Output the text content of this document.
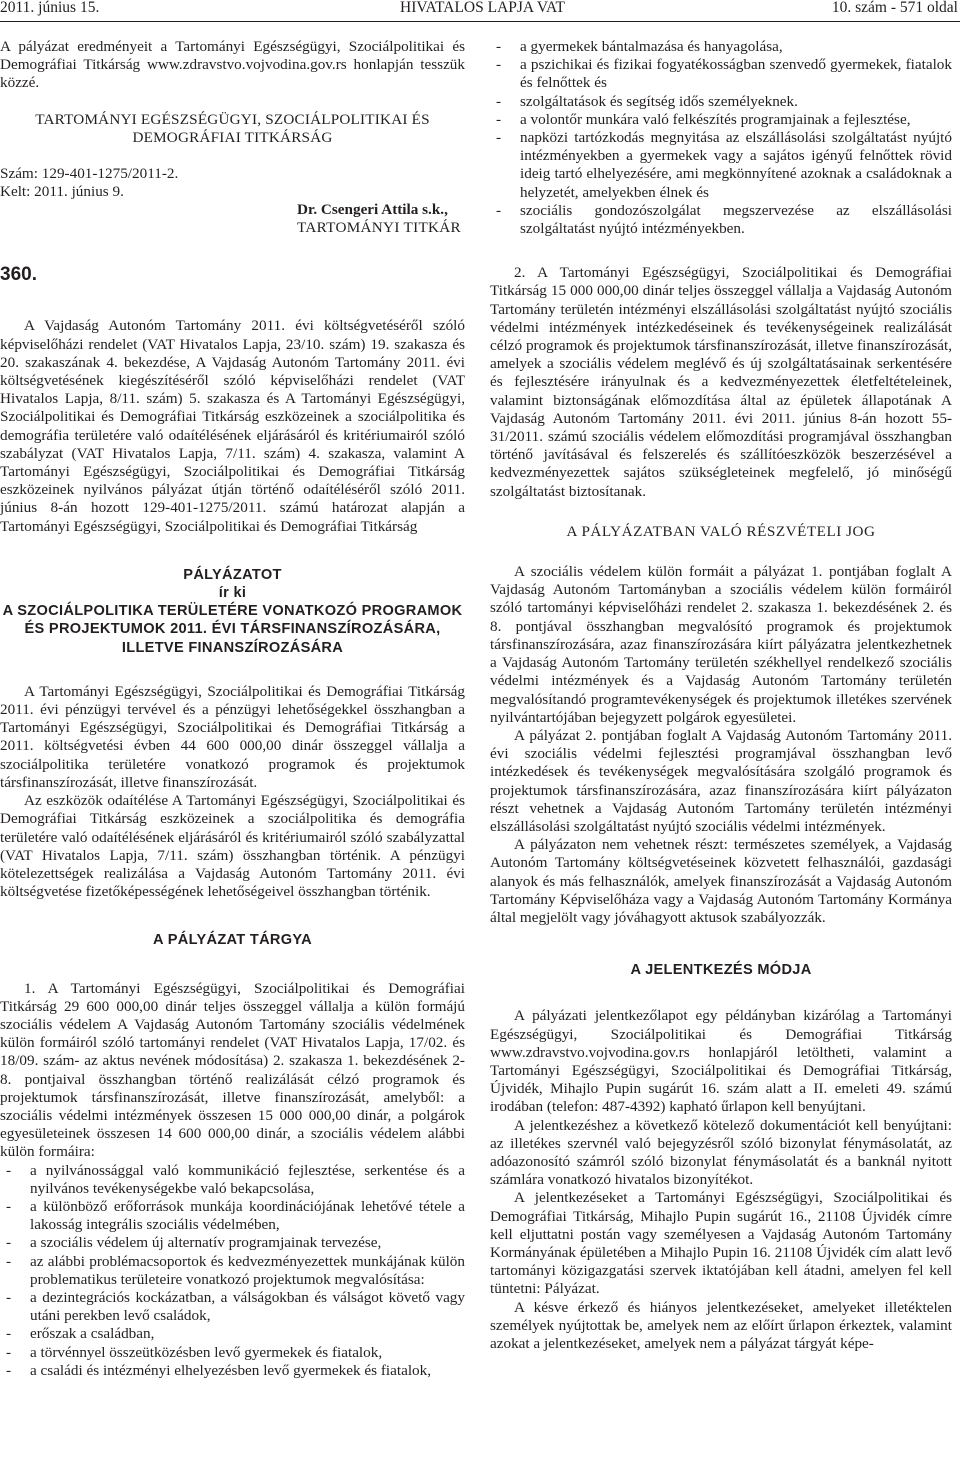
2011. június 15.	HIVATALOS LAPJA VAT	10. szám - 571 oldal

A pályázat eredményeit a Tartományi Egészségügyi, Szociálpolitikai és Demográfiai Titkárság www.zdravstvo.vojvodina.gov.rs honlapján tesszük közzé.

TARTOMÁNYI EGÉSZSÉGÜGYI, SZOCIÁLPOLITIKAI ÉS DEMOGRÁFIAI TITKÁRSÁG

Szám: 129-401-1275/2011-2.

Kelt: 2011. június 9.

Dr. Csengeri Attila s.k.,
TARTOMÁNYI TITKÁR
360.

A Vajdaság Autonóm Tartomány 2011. évi költségvetéséről szóló képviselőházi rendelet (VAT Hivatalos Lapja, 23/10. szám) 19. szakasza és 20. szakaszának 4. bekezdése, A Vajdaság Autonóm Tartomány 2011. évi költségvetésének kiegészítéséről szóló képviselőházi rendelet (VAT Hivatalos Lapja, 8/11. szám) 5. szakasza és A Tartományi Egészségügyi, Szociálpolitikai és Demográfiai Titkárság eszközeinek a szociálpolitika és demográfia területére való odaítélésének eljárásáról és kritériumairól szóló szabályzat (VAT Hivatalos Lapja, 7/11. szám) 4. szakasza, valamint A Tartományi Egészségügyi, Szociálpolitikai és Demográfiai Titkárság eszközeinek nyilvános pályázat útján történő odaítéléséről szóló 2011. június 8-án hozott 129-401-1275/2011. számú határozat alapján a Tartományi Egészségügyi, Szociálpolitikai és Demográfiai Titkárság

PÁLYÁZATOT

ír ki

A SZOCIÁLPOLITIKA TERÜLETÉRE VONATKOZÓ PROGRAMOK ÉS PROJEKTUMOK 2011. ÉVI TÁRSFINANSZÍROZÁSÁRA, ILLETVE FINANSZÍROZÁSÁRA

A Tartományi Egészségügyi, Szociálpolitikai és Demográfiai Titkárság 2011. évi pénzügyi tervével és a pénzügyi lehetőségekkel összhangban a Tartományi Egészségügyi, Szociálpolitikai és Demográfiai Titkárság a 2011. költségvetési évben 44 600 000,00 dinár összeggel vállalja a szociálpolitika területére vonatkozó programok és projektumok társfinanszírozását, illetve finanszírozását.

Az eszközök odaítélése A Tartományi Egészségügyi, Szociálpolitikai és Demográfiai Titkárság eszközeinek a szociálpolitika és demográfia területére való odaítélésének eljárásáról és kritériumairól szóló szabályzattal (VAT Hivatalos Lapja, 7/11. szám) összhangban történik. A pénzügyi kötelezettségek realizálása a Vajdaság Autonóm Tartomány 2011. évi költségvetése fizetőképességének lehetőségeivel összhangban történik.

A PÁLYÁZAT TÁRGYA

1. A Tartományi Egészségügyi, Szociálpolitikai és Demográfiai Titkárság 29 600 000,00 dinár teljes összeggel vállalja a külön formájú szociális védelem A Vajdaság Autonóm Tartomány szociális védelmének külön formáiról szóló tartományi rendelet (VAT Hivatalos Lapja, 17/02. és 18/09. szám- az aktus nevének módosítása) 2. szakasza 1. bekezdésének 2-8. pontjaival összhangban történő realizálását célzó programok és projektumok társfinanszírozását, illetve finanszírozását, amelyből: a szociális védelmi intézmények összesen 15 000 000,00 dinár, a polgárok egyesületeinek összesen 14 600 000,00 dinár, a szociális védelem alábbi külön formáira:

- a nyilvánossággal való kommunikáció fejlesztése, serkentése és a nyilvános tevékenységekbe való bekapcsolása,
- a különböző erőforrások munkája koordinációjának lehetővé tétele a lakosság integrális szociális védelmében,
- a szociális védelem új alternatív programjainak tervezése,
- az alábbi problémacsoportok és kedvezményezettek munkájának külön problematikus területeire vonatkozó projektumok megvalósítása:
- a dezintegrációs kockázatban, a válságokban és válságot követő vagy utáni perekben levő családok,
- erőszak a családban,
- a törvénnyel összeütközésben levő gyermekek és fiatalok,
- a családi és intézményi elhelyezésben levő gyermekek és fiatalok,
- a gyermekek bántalmazása és hanyagolása,
- a pszichikai és fizikai fogyatékosságban szenvedő gyermekek, fiatalok és felnőttek és
- szolgáltatások és segítség idős személyeknek.
- a volontőr munkára való felkészítés programjainak a fejlesztése,
- napközi tartózkodás megnyitása az elszállásolási szolgáltatást nyújtó intézményekben a gyermekek vagy a sajátos igényű felnőttek rövid ideig tartó elhelyezésére, ami megkönnyítené azoknak a családoknak a helyzetét, amelyekben élnek és
- szociális gondozószolgálat megszervezése az elszállásolási szolgáltatást nyújtó intézményekben.

2. A Tartományi Egészségügyi, Szociálpolitikai és Demográfiai Titkárság 15 000 000,00 dinár teljes összeggel vállalja a Vajdaság Autonóm Tartomány területén intézményi elszállásolási szolgáltatást nyújtó szociális védelmi intézmények intézkedéseinek és tevékenységeinek realizálását célzó programok és projektumok társfinanszírozását, illetve finanszírozását, amelyek a szociális védelem meglévő és új szolgáltatásainak serkentésére és fejlesztésére irányulnak és a kedvezményezettek életfeltételeinek, valamint biztonságának előmozdítása által az épületek állapotának A Vajdaság Autonóm Tartomány 2011. évi 2011. június 8-án hozott 55-31/2011. számú szociális védelem előmozdítási programjával összhangban történő javításával és felszerelés és szállítóeszközök beszerzésével a kedvezményezettek sajátos szükségleteinek megfelelő, jó minőségű szolgáltatást biztosítanak.

A PÁLYÁZATBAN VALÓ RÉSZVÉTELI JOG

A szociális védelem külön formáit a pályázat 1. pontjában foglalt A Vajdaság Autonóm Tartományban a szociális védelem külön formáiról szóló tartományi képviselőházi rendelet 2. szakasza 1. bekezdésének 2. és 8. pontjával összhangban megvalósító programok és projektumok társfinanszírozására, azaz finanszírozására kiírt pályázatra jelentkezhetnek a Vajdaság Autonóm Tartomány területén székhellyel rendelkező szociális védelmi intézmények és a Vajdaság Autonóm Tartomány területén megvalósítandó programtevékenységek és projektumok illetékes szervének nyilvántartójában bejegyzett polgárok egyesületei.

A pályázat 2. pontjában foglalt A Vajdaság Autonóm Tartomány 2011. évi szociális védelmi fejlesztési programjával összhangban levő intézkedések és tevékenységek megvalósítására szolgáló programok és projektumok társfinanszírozására, azaz finanszírozására kiírt pályázaton részt vehetnek a Vajdaság Autonóm Tartomány területén intézményi elszállásolási szolgáltatást nyújtó szociális védelmi intézmények.

A pályázaton nem vehetnek részt: természetes személyek, a Vajdaság Autonóm Tartomány költségvetéseinek közvetett felhasználói, gazdasági alanyok és más felhasználók, amelyek finanszírozását a Vajdaság Autonóm Tartomány Képviselőháza vagy a Vajdaság Autonóm Tartomány Kormánya által megjelölt vagy jóváhagyott aktusok szabályozzák.

A JELENTKEZÉS MÓDJA

A pályázati jelentkezőlapot egy példányban kizárólag a Tartományi Egészségügyi, Szociálpolitikai és Demográfiai Titkárság www.zdravstvo.vojvodina.gov.rs honlapjáról letöltheti, valamint a Tartományi Egészségügyi, Szociálpolitikai és Demográfiai Titkárság, Újvidék, Mihajlo Pupin sugárút 16. szám alatt a II. emeleti 49. számú irodában (telefon: 487-4392) kapható űrlapon kell benyújtani.

A jelentkezéshez a következő kötelező dokumentációt kell benyújtani: az illetékes szervnél való bejegyzésről szóló bizonylat fénymásolatát, az adóazonosító számról szóló bizonylat fénymásolatát és a banknál nyitott számlára vonatkozó hivatalos bizonyítékot.

A jelentkezéseket a Tartományi Egészségügyi, Szociálpolitikai és Demográfiai Titkárság, Mihajlo Pupin sugárút 16., 21108 Újvidék címre kell eljuttatni postán vagy személyesen a Vajdaság Autonóm Tartomány Kormányának épületében a Mihajlo Pupin 16. 21108 Újvidék cím alatt levő tartományi közigazgatási szervek iktatójában kell átadni, amelyen fel kell tüntetni: Pályázat.

A késve érkező és hiányos jelentkezéseket, amelyeket illetéktelen személyek nyújtottak be, amelyek nem az előírt űrlapon érkeztek, valamint azokat a jelentkezéseket, amelyek nem a pályázat tárgyát képe-
